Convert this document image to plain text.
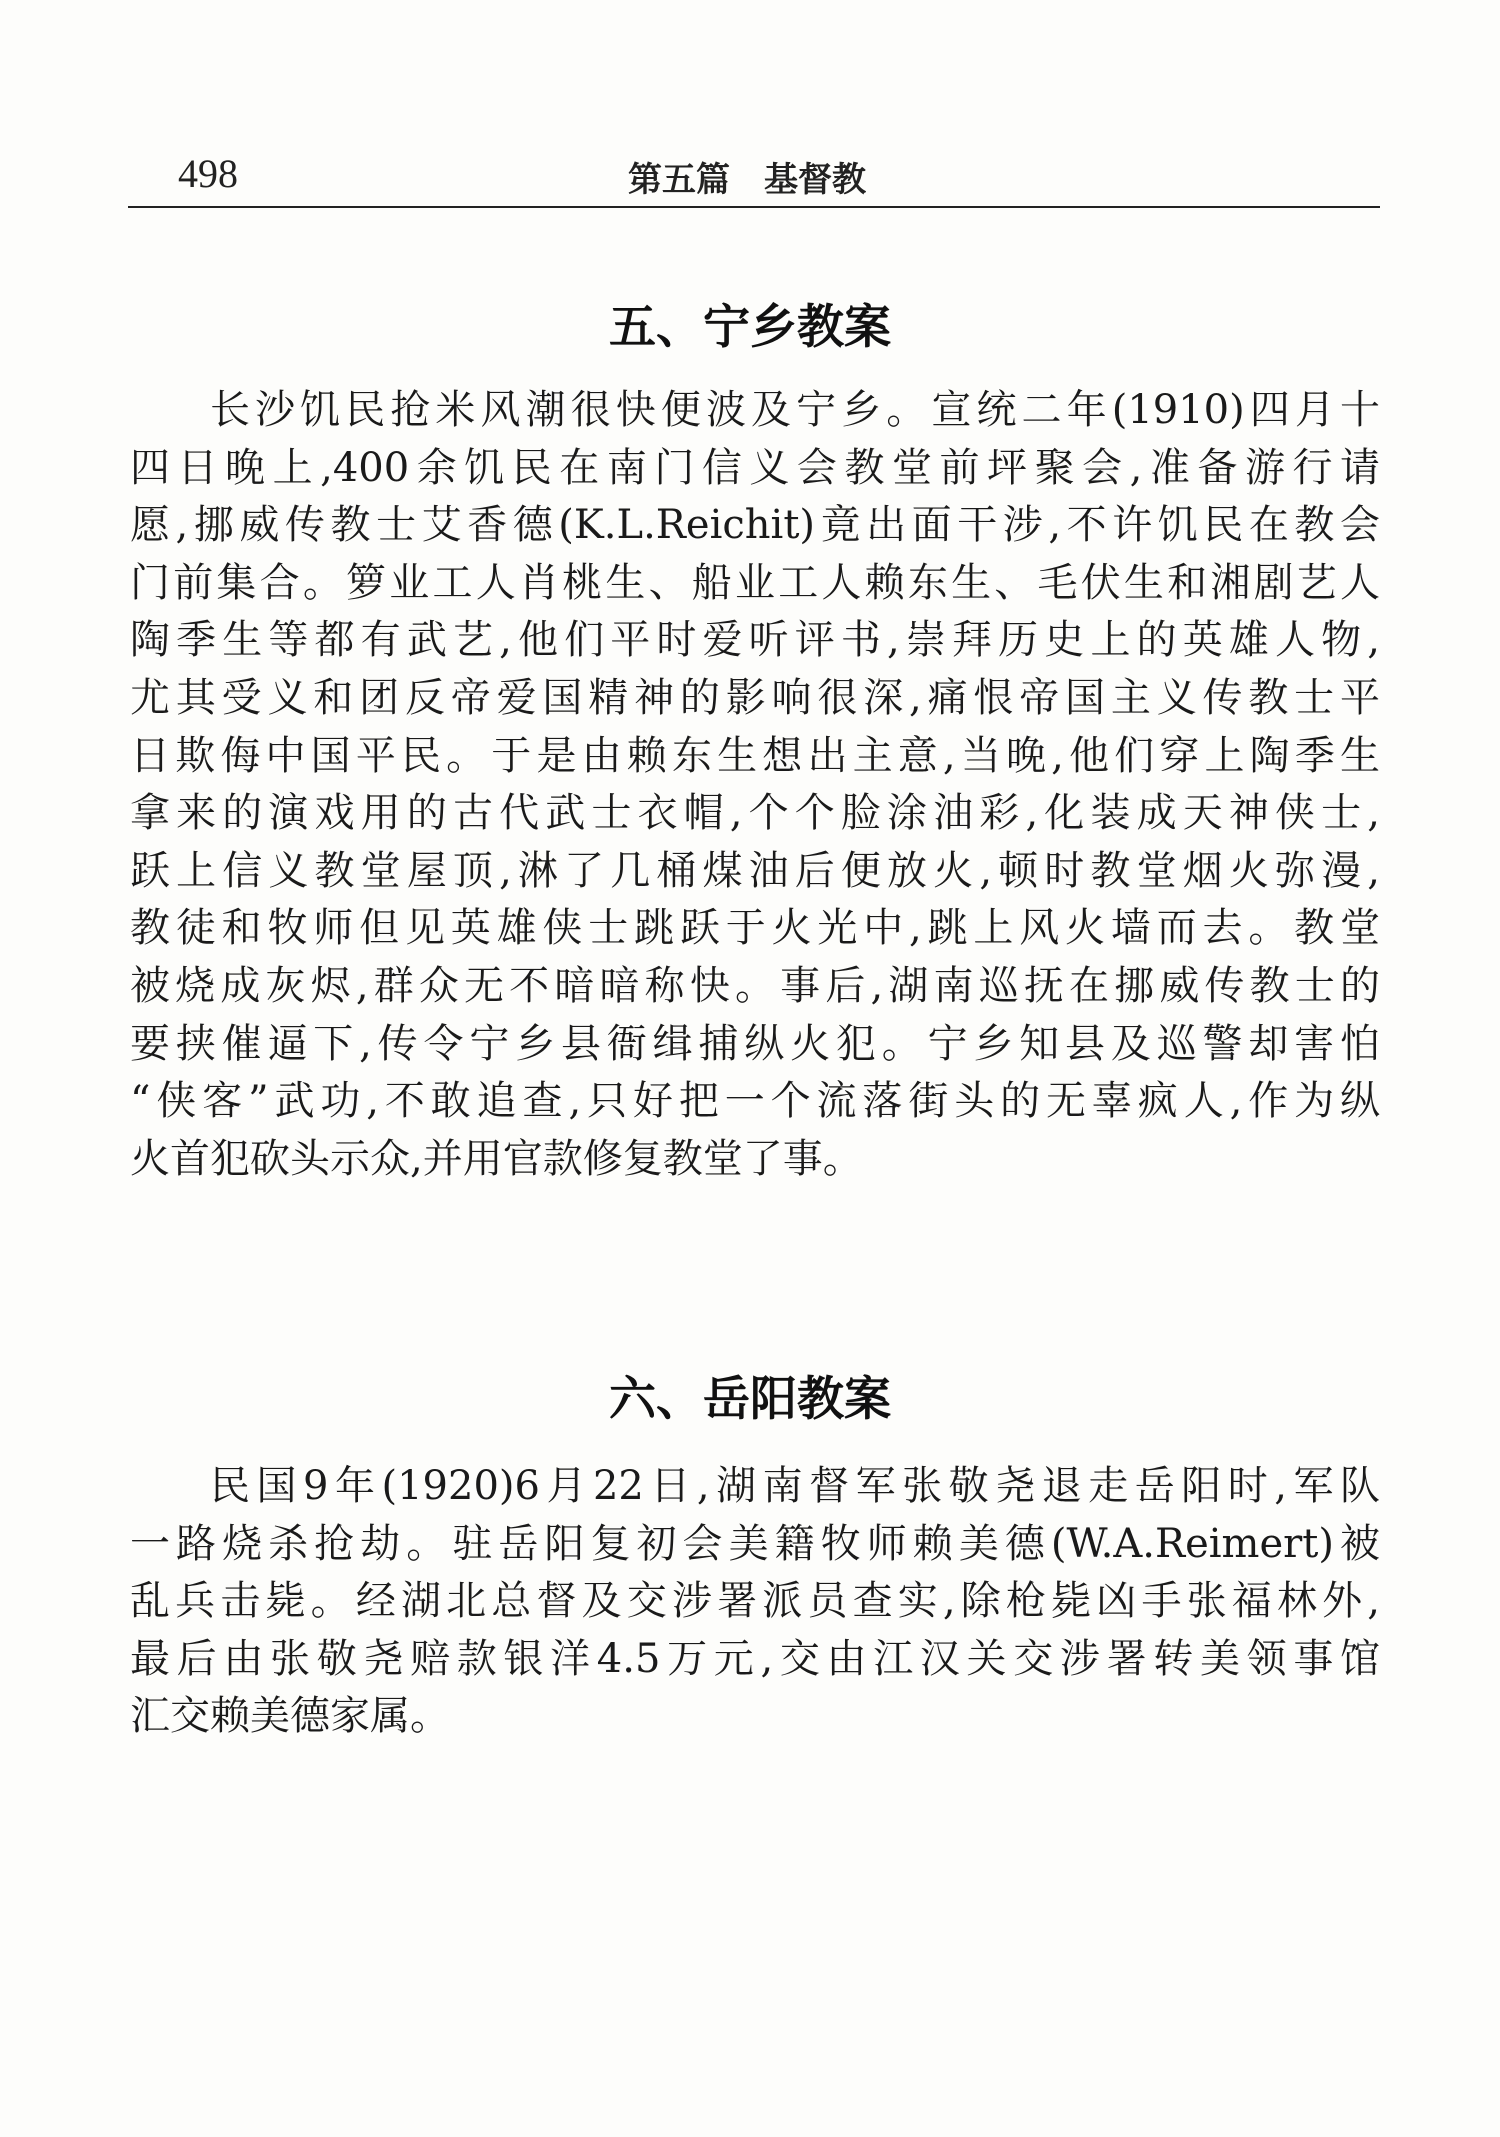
498	第五篇　基督教
五、宁乡教案
长沙饥民抢米风潮很快便波及宁乡。宣统二年(1910)四月十
四日晚上,400余饥民在南门信义会教堂前坪聚会,准备游行请
愿,挪威传教士艾香德(K.L.Reichit)竟出面干涉,不许饥民在教会
门前集合。箩业工人肖桃生、船业工人赖东生、毛伏生和湘剧艺人
陶季生等都有武艺,他们平时爱听评书,崇拜历史上的英雄人物,
尤其受义和团反帝爱国精神的影响很深,痛恨帝国主义传教士平
日欺侮中国平民。于是由赖东生想出主意,当晚,他们穿上陶季生
拿来的演戏用的古代武士衣帽,个个脸涂油彩,化装成天神侠士,
跃上信义教堂屋顶,淋了几桶煤油后便放火,顿时教堂烟火弥漫,
教徒和牧师但见英雄侠士跳跃于火光中,跳上风火墙而去。教堂
被烧成灰烬,群众无不暗暗称快。事后,湖南巡抚在挪威传教士的
要挟催逼下,传令宁乡县衙缉捕纵火犯。宁乡知县及巡警却害怕
“侠客”武功,不敢追查,只好把一个流落街头的无辜疯人,作为纵
火首犯砍头示众,并用官款修复教堂了事。
六、岳阳教案
民国9年(1920)6月22日,湖南督军张敬尧退走岳阳时,军队
一路烧杀抢劫。驻岳阳复初会美籍牧师赖美德(W.A.Reimert)被
乱兵击毙。经湖北总督及交涉署派员查实,除枪毙凶手张福林外,
最后由张敬尧赔款银洋4.5万元,交由江汉关交涉署转美领事馆
汇交赖美德家属。
